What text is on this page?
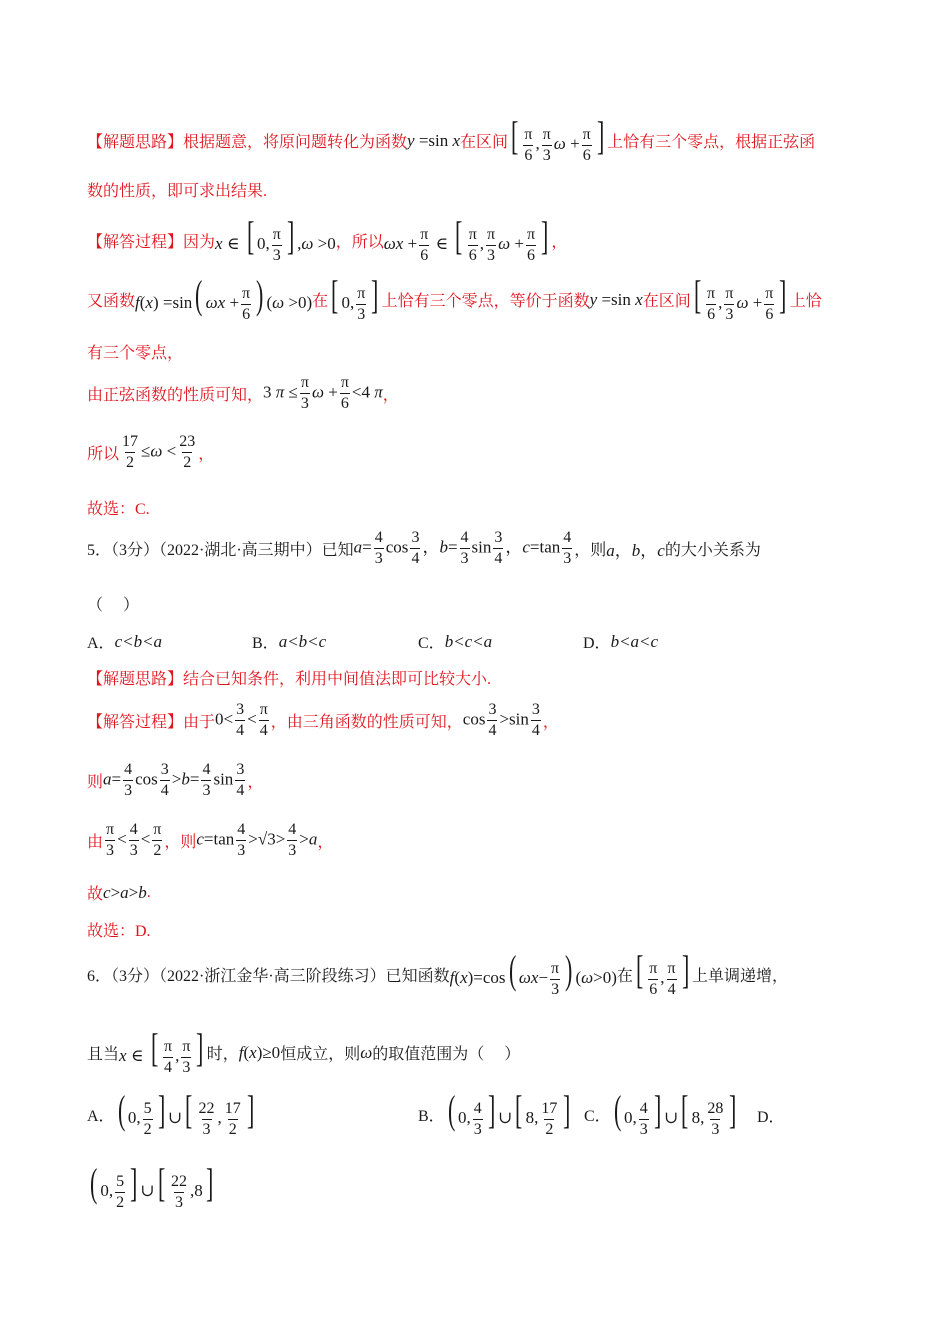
【解题思路】根据题意，将原问题转化为函数 y =sin x 在区间 [ $\frac{\pi}{6}$ , $\frac{\pi}{3}$ $\omega + \frac{\pi}{6}$ ] 上恰有三个零点，根据正弦函
数的性质，即可求出结果.
【解答过程】因为 x ∈ [ 0, $\frac{\pi}{3}$ ] ,ω >0 ， 所以 $\omega x + \frac{\pi}{6}$ ∈ [ $\frac{\pi}{6}$ , $\frac{\pi}{3}$ $\omega + \frac{\pi}{6}$ ] ，
又函数 f(x) =sin( $\omega x + \frac{\pi}{6}$ ) (ω >0) 在 [ 0, $\frac{\pi}{3}$ ] 上恰有三个零点，等价于函数 y =sin x 在区间 [ $\frac{\pi}{6}$ , $\frac{\pi}{3}$ $\omega + \frac{\pi}{6}$ ] 上恰
有三个零点，
由正弦函数的性质可知， 3 $\pi \le \frac{\pi}{3}$ $\omega + \frac{\pi}{6} <4$ π ，
所以 $\frac{17}{2} \le\omega < \frac{23}{2}$ ，
故选：C.
5．（3分）（2022·湖北·高三期中）已知 $a= \frac{4}{3}$ $\cos \frac{3}{4}$ ，$b= \frac{4}{3}$ $\sin \frac{3}{4}$ ，$c=\tan \frac{4}{3}$ ，则 a，b，c 的大小关系为
（　 ）
A． c<b<a	B． a<b<c	C． b<c<a	D． b<a<c
【解题思路】结合已知条件，利用中间值法即可比较大小.
【解答过程】由于 $0< \frac{3}{4} < \frac{\pi}{4}$ ，由三角函数的性质可知， $\cos \frac{3}{4} >\sin \frac{3}{4}$ ，
则 $a= \frac{4}{3}$ $\cos \frac{3}{4} >b= \frac{4}{3}$ $\sin \frac{3}{4}$ ，
由 $\frac{\pi}{3} < \frac{4}{3} < \frac{\pi}{2}$ ，则 $c=\tan \frac{4}{3} >√3> \frac{4}{3} >a$ ，
故 c>a>b .
故选：D.
6．（3分）（2022·浙江金华·高三阶段练习）已知函数 f(x)=cos( $\omega x- \frac{\pi}{3}$ ) (ω>0) 在 [ $\frac{\pi}{6}$ , $\frac{\pi}{4}$ ] 上单调递增，
且当 x ∈ [ $\frac{\pi}{4}$ , $\frac{\pi}{3}$ ] 时， f(x)≥0 恒成立，则 ω 的取值范围为（　 ）
A． ( 0, $\frac{5}{2}$ ] ∪[ $\frac{22}{3}$ , $\frac{17}{2}$ ]	B． ( 0, $\frac{4}{3}$ ] ∪[ 8, $\frac{17}{2}$ ] C． ( 0, $\frac{4}{3}$ ] ∪[ 8, $\frac{28}{3}$ ] D．
( 0, $\frac{5}{2}$ ] ∪[ $\frac{22}{3} ,8$]
